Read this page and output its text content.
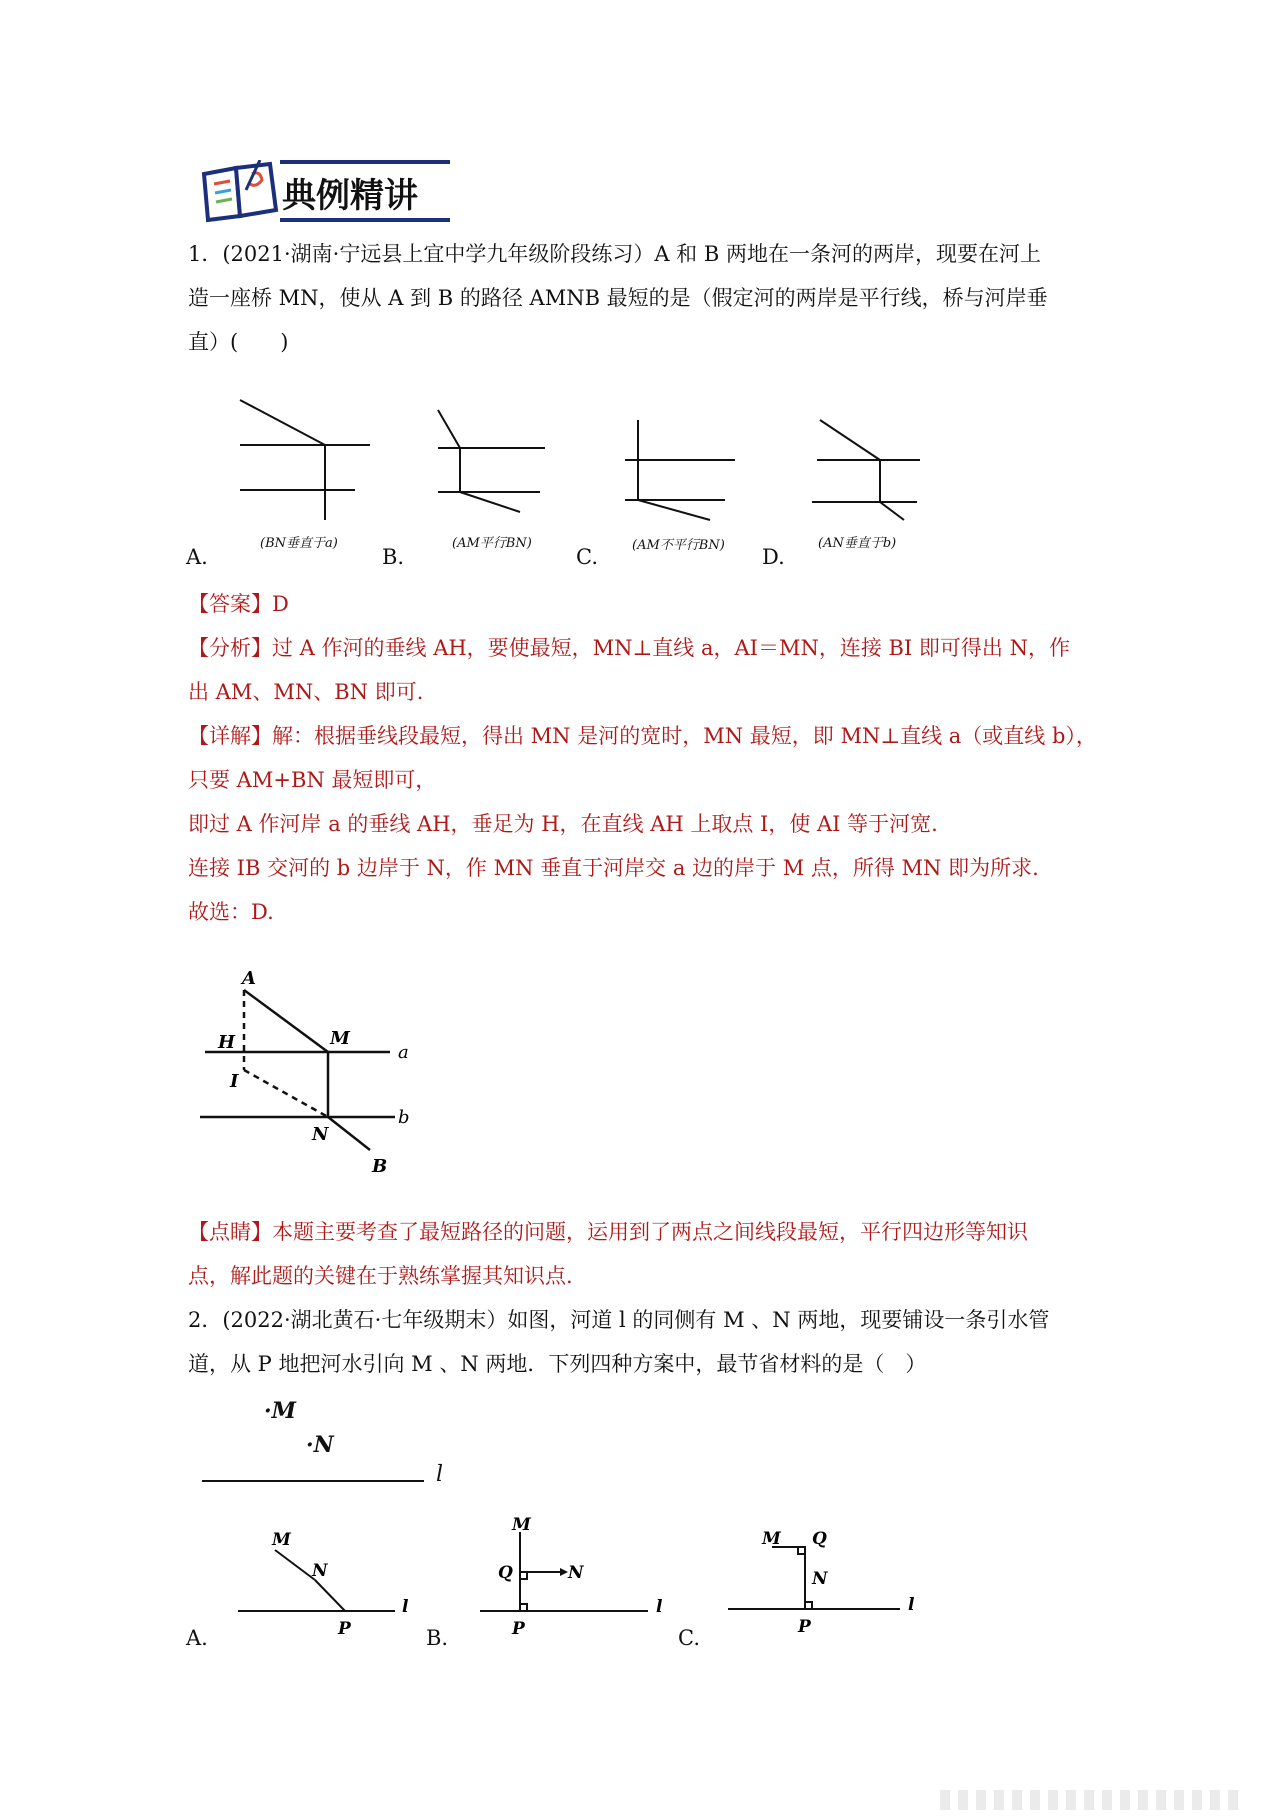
典例精讲
1．(2021·湖南·宁远县上宜中学九年级阶段练习）A 和 B 两地在一条河的两岸，现要在河上
造一座桥 MN，使从 A 到 B 的路径 AMNB 最短的是（假定河的两岸是平行线，桥与河岸垂
直）(　　)
A.	B.	C.	D.
(BN垂直于a)	(AM平行BN)	(AM不平行BN)	(AN垂直于b)
【答案】D
【分析】过 A 作河的垂线 AH，要使最短，MN⊥直线 a，AI＝MN，连接 BI 即可得出 N，作
出 AM、MN、BN 即可.
【详解】解：根据垂线段最短，得出 MN 是河的宽时，MN 最短，即 MN⊥直线 a（或直线 b），
只要 AM+BN 最短即可，
即过 A 作河岸 a 的垂线 AH，垂足为 H，在直线 AH 上取点 I，使 AI 等于河宽.
连接 IB 交河的 b 边岸于 N，作 MN 垂直于河岸交 a 边的岸于 M 点，所得 MN 即为所求.
故选：D.
A
H	M
a
I
b
N
B
【点睛】本题主要考查了最短路径的问题，运用到了两点之间线段最短，平行四边形等知识
点，解此题的关键在于熟练掌握其知识点.
2．(2022·湖北黄石·七年级期末）如图，河道 l 的同侧有 M 、N 两地，现要铺设一条引水管
道，从 P 地把河水引向 M 、N 两地．下列四种方案中，最节省材料的是（　）
·M
·N
l
M
N
P
l
M
Q	N
P
l
M Q
N
P
l
A.	B.	C.
